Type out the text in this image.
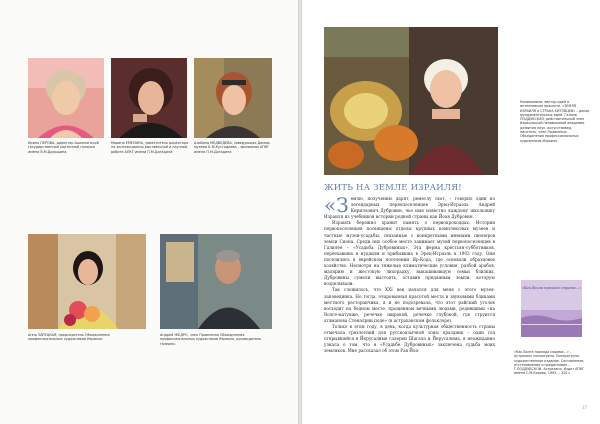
Ирина ПЕРОВА, директор Ашкелонской государственной картинной галереи имени В.М.Дорошина.
Марина ЕМЕЛИНА, заместитель директора по экспозиционно-выставочной и научной работе АПКГ имени П.М.Догадина
Альбина МЕДВЕДЕВА, заведующая Домом-музеем Б.М.Кустодиева – филиалом АПКГ имени П.М.Догадина
Анна ЗАРЕЦКАЯ, председатель Объединения профессиональных художников Израиля.
Андрей ЖЕДРО, член Правления Объединения профессиональных художников Израиля, руководитель галереи.
Ниниашвили: вектор идей в интенсивном процессе. «ЗЕМЛЯ ИЗРАИЛЯ и СТРАНА КИТОВЦЕВ» – декор фундаментальных идей. Галина ПОДДУБСКАЯ, действительный член Израильской независимой академии развития наук, искусствовед, писатель, член Правления Объединения профессиональных художников Израиля.
ЖИТЬ НА ЗЕМЛЕ ИЗРАИЛЯ!

«Землю, получению дарят, ремеслу скот, – говорил один из легендарных первопоселенцев Эрец-Исраэль Андрей Кириллович Дубровин, чье имя известно каждому школьнику Израиля из учебников истории родной страны как Йоав Дубровин.

Израиль бережно хранит память о первопроходцах. Истории первопоселенцев посвящены отделы крупных комплексных музеев и частные музеи-усадьбы, связанные с конкретными именами пионеров земли Сиона. Среди них особое место занимает музей первопоселенцев в Галилее – «Усадьба Дубровиных». Эта ферма крестьян-субботников, переехавших в иудаизм и прибывших в Эрец-Исраэль в 1903 году. Они поселились в еврейском поселении Яр-Кода, где основали образцовое хозяйство. Несмотря на тяжелые климатические условия, разбой арабов, малярию и жестокую лихорадку, выкашивавшую семьи близких, Дубровины сумели выстоять, оставив преданным земли, которую возделывали.

Так сложилось, что XXI век начался для меня с этого музея-заповедника. Но тогда, очарованная красотой места и звуковыми бликами местного ресторанчика, я и не подозревала, что этот райский уголок восходит на бедном месте, прощенном вечными людьми, родившими «на Волге-матушке, речечке широкой, речечке глубокой, где струится атаманова Стеналрии поде» (в астраханском фольклоре).

Только в этом году, в день, когда культурная общественность страны отмечала трехлетний для русскоязычной зоны праздник – один год открывшейся в Йерусалиме галереи Шагала и Йерусалима, я неожиданно узнала о том, что в «Усадьбе Дубровиных» заключена судьба моих земляков. Мне рассказал об этом Рав Йоа-

«Как Волга прихода сюрама…»
«Как Волга прихода сюрама…» – Астрахань посмотрела. Литературно-художественное издание. Составление, отстановление и предисловие – Г.ПОДДУБСКОЙ. Астрахань: Издат АПКГ имени С.М.Кирова, 1995. – 320 с.
37
